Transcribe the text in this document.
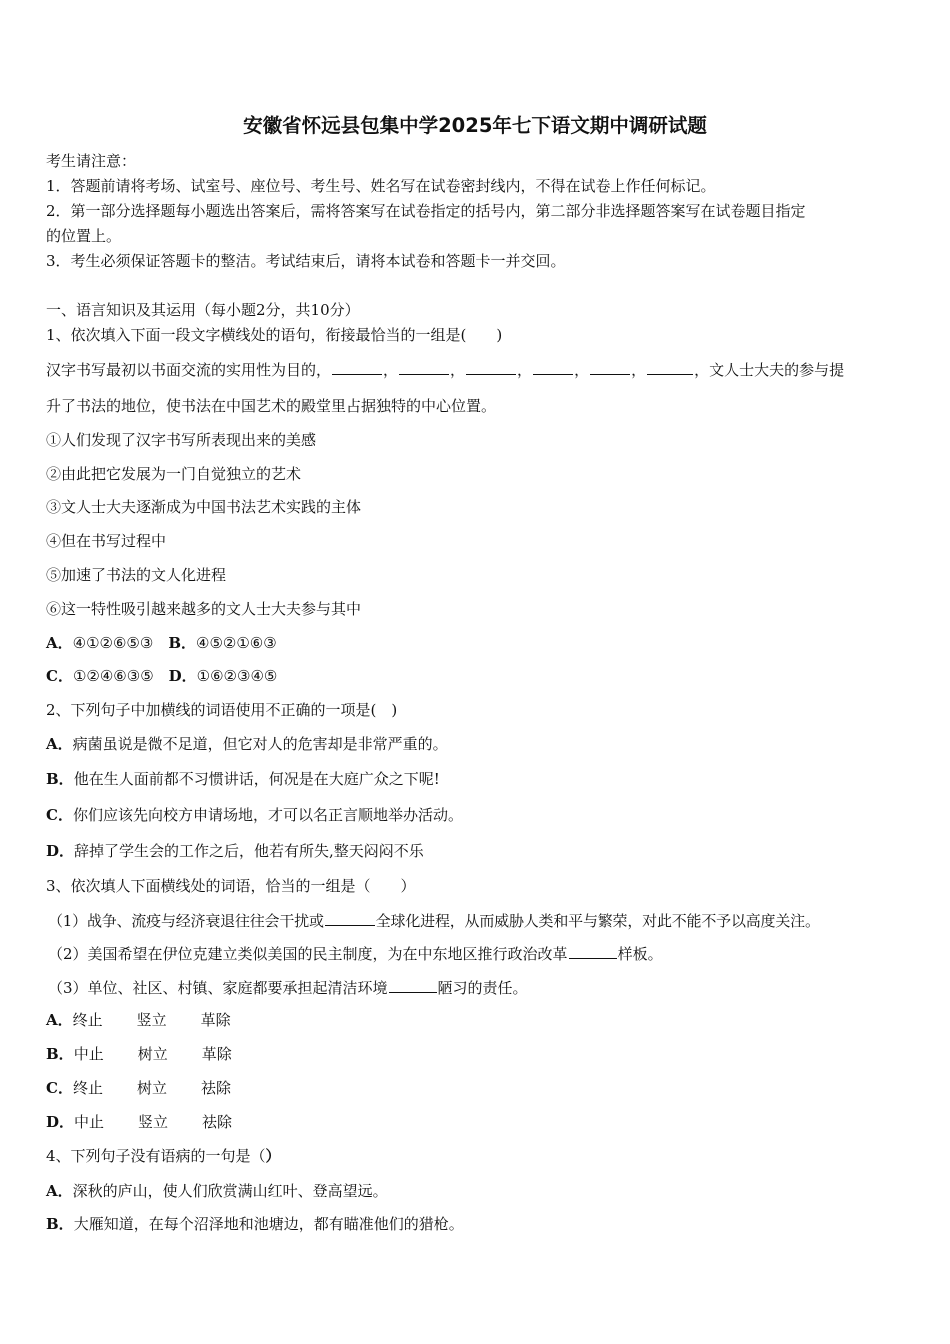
安徽省怀远县包集中学2025年七下语文期中调研试题
考生请注意：
1．答题前请将考场、试室号、座位号、考生号、姓名写在试卷密封线内，不得在试卷上作任何标记。
2．第一部分选择题每小题选出答案后，需将答案写在试卷指定的括号内，第二部分非选择题答案写在试卷题目指定
的位置上。
3．考生必须保证答题卡的整洁。考试结束后，请将本试卷和答题卡一并交回。
一、语言知识及其运用（每小题2分，共10分）
1、依次填入下面一段文字横线处的语句，衔接最恰当的一组是(　　)
汉字书写最初以书面交流的实用性为目的，	，	，	，	，	，	，文人士大夫的参与提
升了书法的地位，使书法在中国艺术的殿堂里占据独特的中心位置。
①人们发现了汉字书写所表现出来的美感
②由此把它发展为一门自觉独立的艺术
③文人士大夫逐渐成为中国书法艺术实践的主体
④但在书写过程中
⑤加速了书法的文人化进程
⑥这一特性吸引越来越多的文人士大夫参与其中
A．④①②⑥⑤③ B．④⑤②①⑥③
C．①②④⑥③⑤ D．①⑥②③④⑤
2、下列句子中加横线的词语使用不正确的一项是(　)
A．病菌虽说是微不足道，但它对人的危害却是非常严重的。
B．他在生人面前都不习惯讲话，何况是在大庭广众之下呢!
C．你们应该先向校方申请场地，才可以名正言顺地举办活动。
D．辞掉了学生会的工作之后，他若有所失,整天闷闷不乐
3、依次填人下面横线处的词语，恰当的一组是（　　）
（1）战争、流疫与经济衰退往往会干扰或	全球化进程，从而威胁人类和平与繁荣，对此不能不予以高度关注。
（2）美国希望在伊位克建立类似美国的民主制度，为在中东地区推行政治改革	样板。
（3）单位、社区、村镇、家庭都要承担起清洁环境	陋习的责任。
A．终止 竖立 革除
B．中止 树立 革除
C．终止 树立 祛除
D．中止 竖立 祛除
4、下列句子没有语病的一句是（）
A．深秋的庐山，使人们欣赏满山红叶、登高望远。
B．大雁知道，在每个沼泽地和池塘边，都有瞄准他们的猎枪。
